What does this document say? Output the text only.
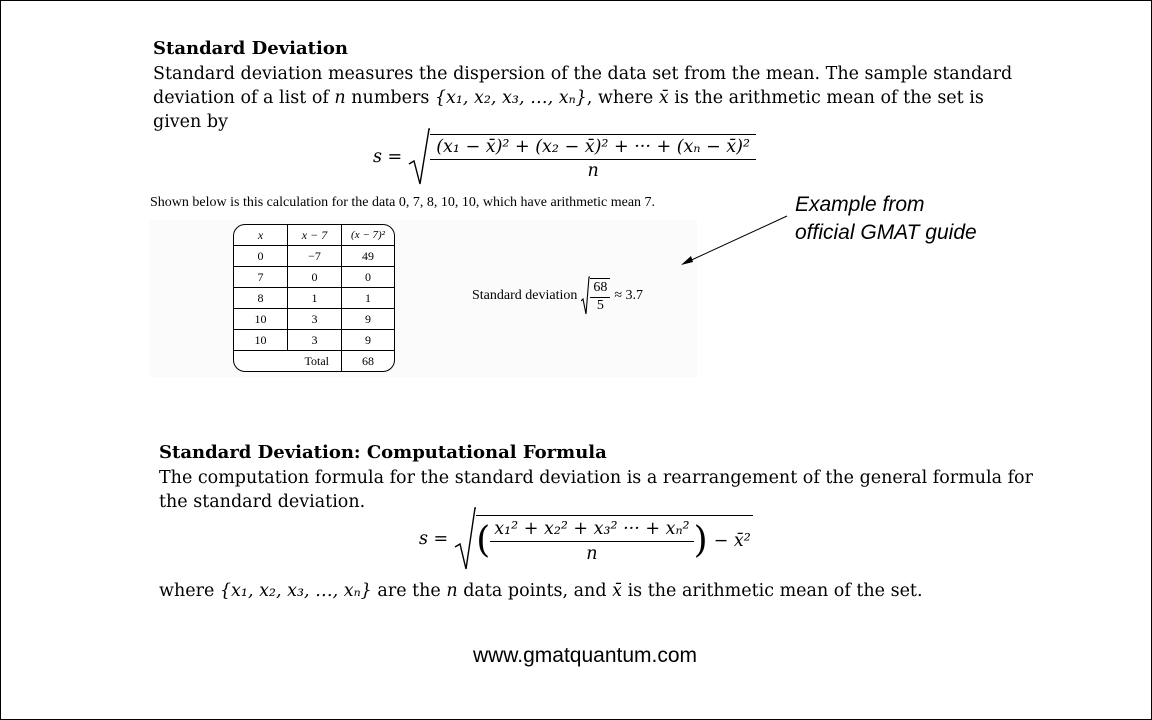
Standard Deviation
Standard deviation measures the dispersion of the data set from the mean. The sample standard
deviation of a list of n numbers {x₁, x₂, x₃, …, xₙ}, where x̄ is the arithmetic mean of the set is
given by
$s = \frac{\text{(x₁ − x̄)² + (x₂ − x̄)² + ··· + (xₙ − x̄)²}}{n}$
Shown below is this calculation for the data 0, 7, 8, 10, 10, which have arithmetic mean 7.
x	x − 7	(x − 7)²
0	−7	49
7	0	0
8	1	1
10	3	9
10	3	9
Total		68
Standard deviation $\frac{68}{5} \approx 3.7$
Example from
official GMAT guide
Standard Deviation: Computational Formula
The computation formula for the standard deviation is a rearrangement of the general formula for
the standard deviation.
s = ( $\frac{\text{x₁² + x₂² + x₃² ··· + xₙ²}}{n}$ ) − x̄²
where {x₁, x₂, x₃, …, xₙ} are the n data points, and x̄ is the arithmetic mean of the set.
www.gmatquantum.com
